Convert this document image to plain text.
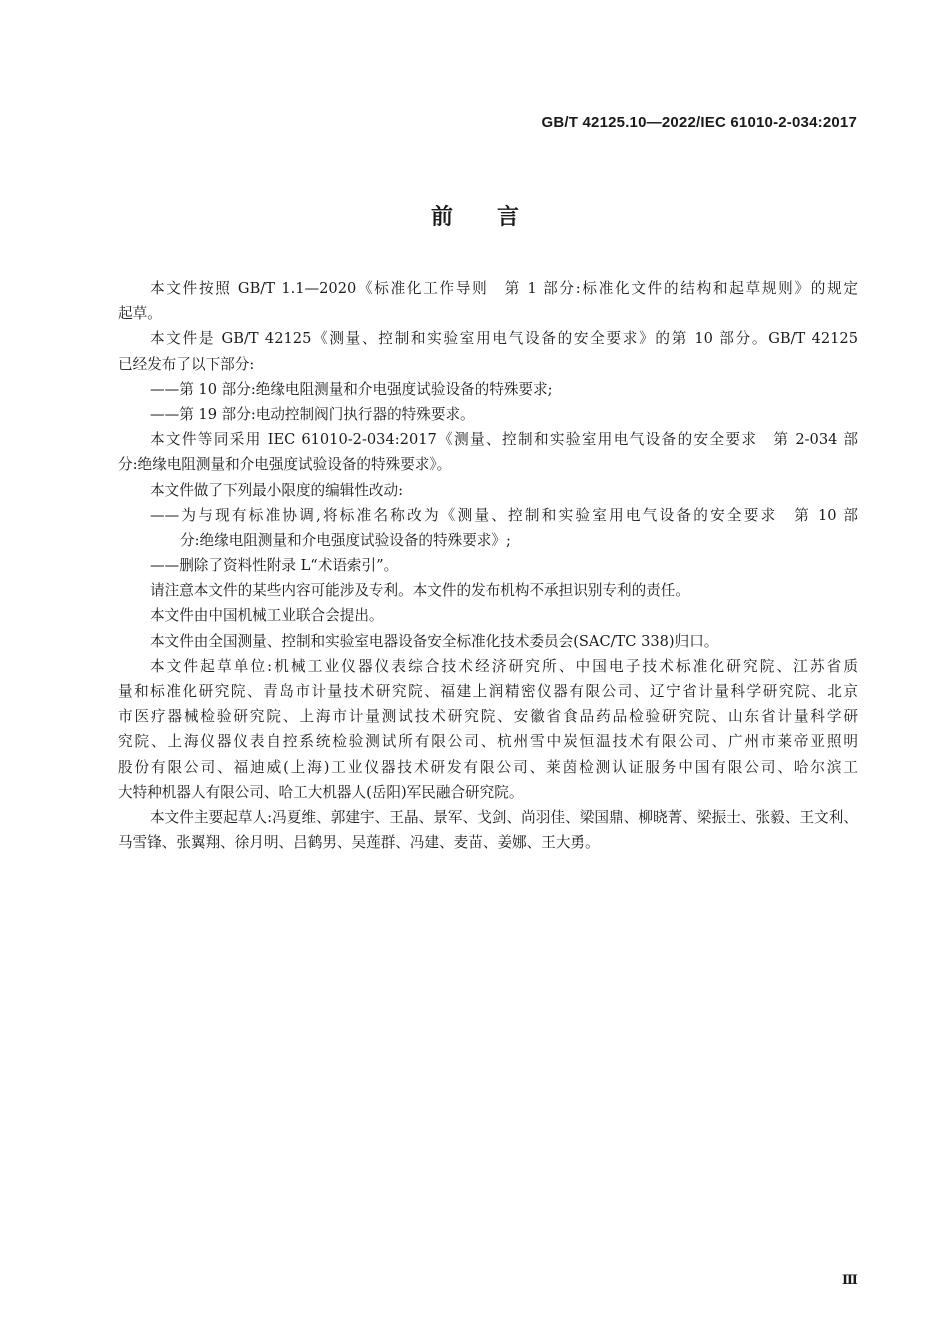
GB/T 42125.10—2022/IEC 61010-2-034:2017
前言
本文件按照 GB/T 1.1—2020《标准化工作导则　第 1 部分:标准化文件的结构和起草规则》的规定
起草。
本文件是 GB/T 42125《测量、控制和实验室用电气设备的安全要求》的第 10 部分。GB/T 42125
已经发布了以下部分:
——第 10 部分:绝缘电阻测量和介电强度试验设备的特殊要求;
——第 19 部分:电动控制阀门执行器的特殊要求。
本文件等同采用 IEC 61010-2-034:2017《测量、控制和实验室用电气设备的安全要求　第 2-034 部
分:绝缘电阻测量和介电强度试验设备的特殊要求》。
本文件做了下列最小限度的编辑性改动:
——为与现有标准协调,将标准名称改为《测量、控制和实验室用电气设备的安全要求　第 10 部
分:绝缘电阻测量和介电强度试验设备的特殊要求》;
——删除了资料性附录 L“术语索引”。
请注意本文件的某些内容可能涉及专利。本文件的发布机构不承担识别专利的责任。
本文件由中国机械工业联合会提出。
本文件由全国测量、控制和实验室电器设备安全标准化技术委员会(SAC/TC 338)归口。
本文件起草单位:机械工业仪器仪表综合技术经济研究所、中国电子技术标准化研究院、江苏省质
量和标准化研究院、青岛市计量技术研究院、福建上润精密仪器有限公司、辽宁省计量科学研究院、北京
市医疗器械检验研究院、上海市计量测试技术研究院、安徽省食品药品检验研究院、山东省计量科学研
究院、上海仪器仪表自控系统检验测试所有限公司、杭州雪中炭恒温技术有限公司、广州市莱帝亚照明
股份有限公司、福迪威(上海)工业仪器技术研发有限公司、莱茵检测认证服务中国有限公司、哈尔滨工
大特种机器人有限公司、哈工大机器人(岳阳)军民融合研究院。
本文件主要起草人:冯夏维、郭建宇、王晶、景军、戈剑、尚羽佳、梁国鼎、柳晓菁、梁振士、张毅、王文利、
马雪锋、张翼翔、徐月明、吕鹤男、吴莲群、冯建、麦苗、姜娜、王大勇。
Ⅲ
